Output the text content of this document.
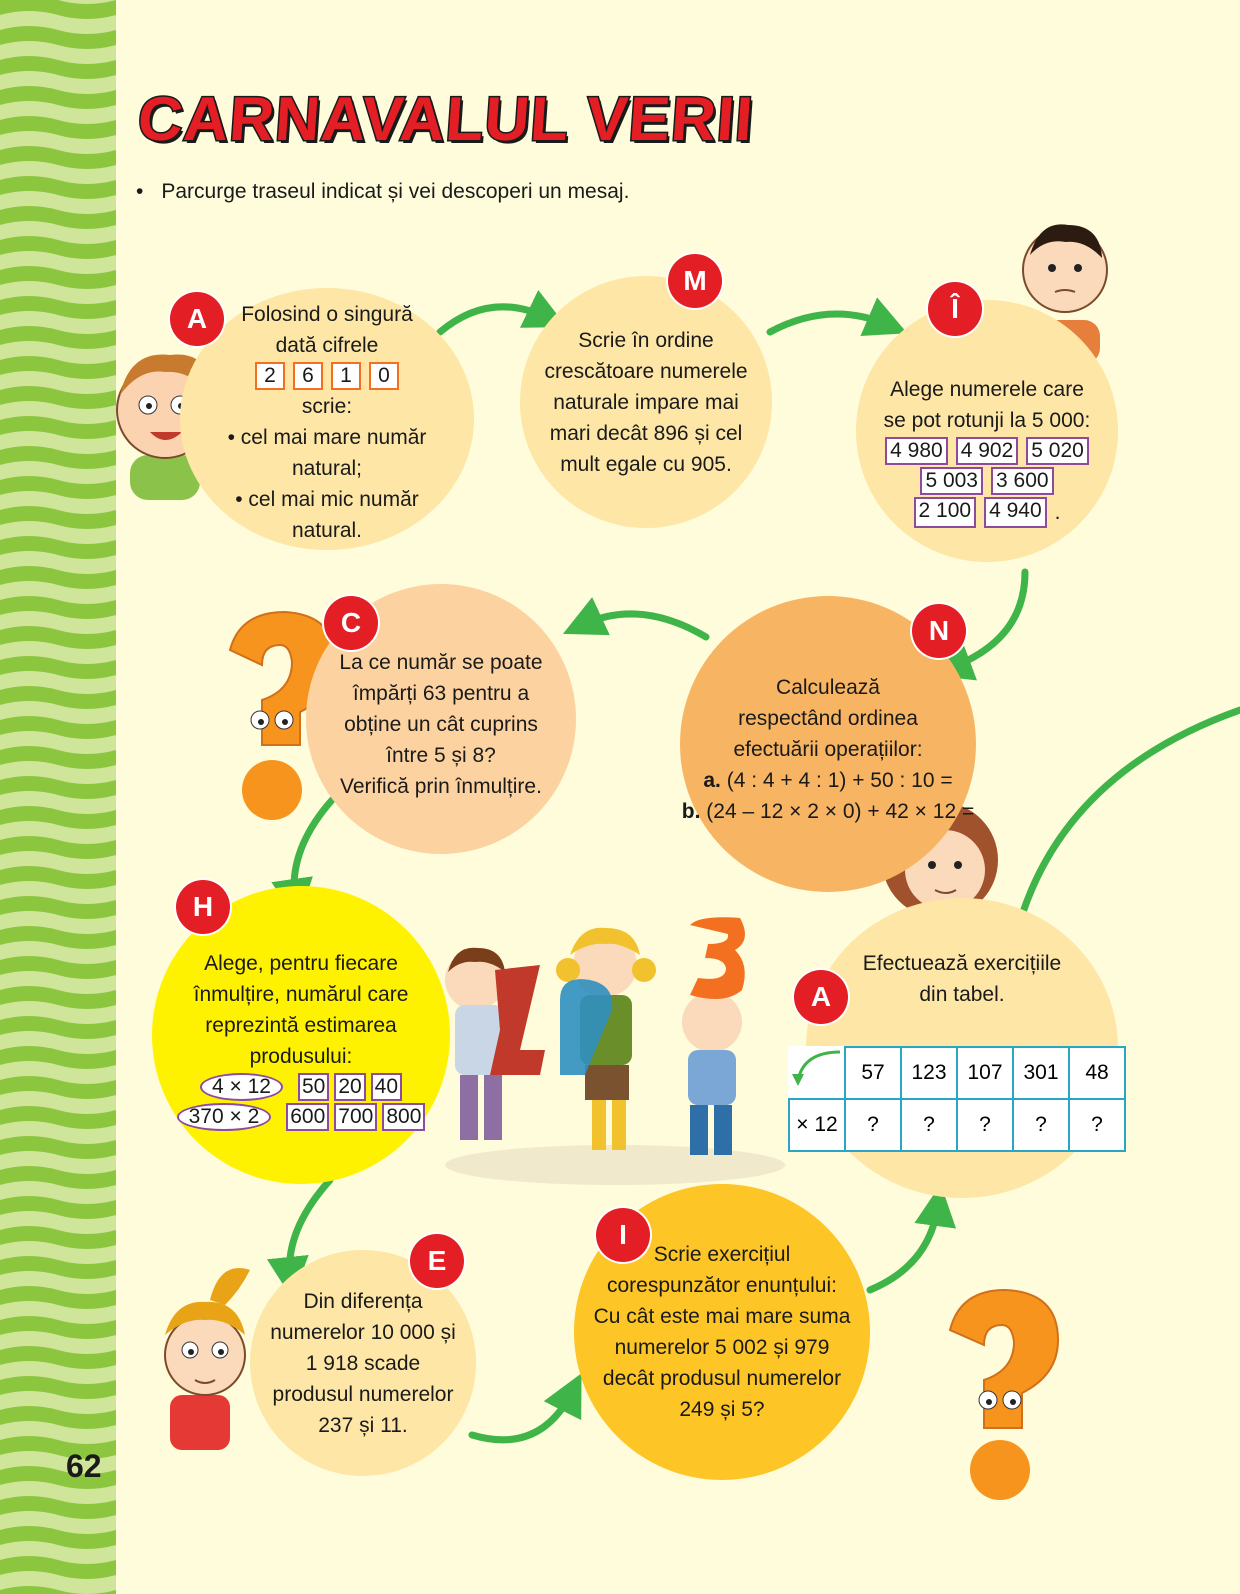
CARNAVALUL VERII
• Parcurge traseul indicat și vei descoperi un mesaj.
Folosind o singură
dată cifrele
2	6	1	0
scrie:
• cel mai mare număr
natural;
• cel mai mic număr
natural.
A
Scrie în ordine
crescătoare numerele
naturale impare mai
mari decât 896 și cel
mult egale cu 905.
M
Alege numerele care
se pot rotunji la 5 000:
4 980 4 902 5 020
5 003 3 600
2 100 4 940 .
Î
Calculează
respectând ordinea
efectuării operațiilor:
a. (4 : 4 + 4 : 1) + 50 : 10 =
b. (24 – 12 × 2 × 0) + 42 × 12 =
N
La ce număr se poate
împărți 63 pentru a
obține un cât cuprins
între 5 și 8?
Verifică prin înmulțire.
C
Alege, pentru fiecare
înmulțire, numărul care
reprezintă estimarea
produsului:
4 × 12	50 20 40
370 × 2	600 700 800
H
Efectuează exercițiile
din tabel.
A
	57	123	107	301	48
× 12	?	?	?	?	?
Din diferența
numerelor 10 000 și
1 918 scade
produsul numerelor
237 și 11.
E	Scrie exercițiul
corespunzător enunțului:
Cu cât este mai mare suma
numerelor 5 002 și 979
decât produsul numerelor
249 și 5?
I
62
